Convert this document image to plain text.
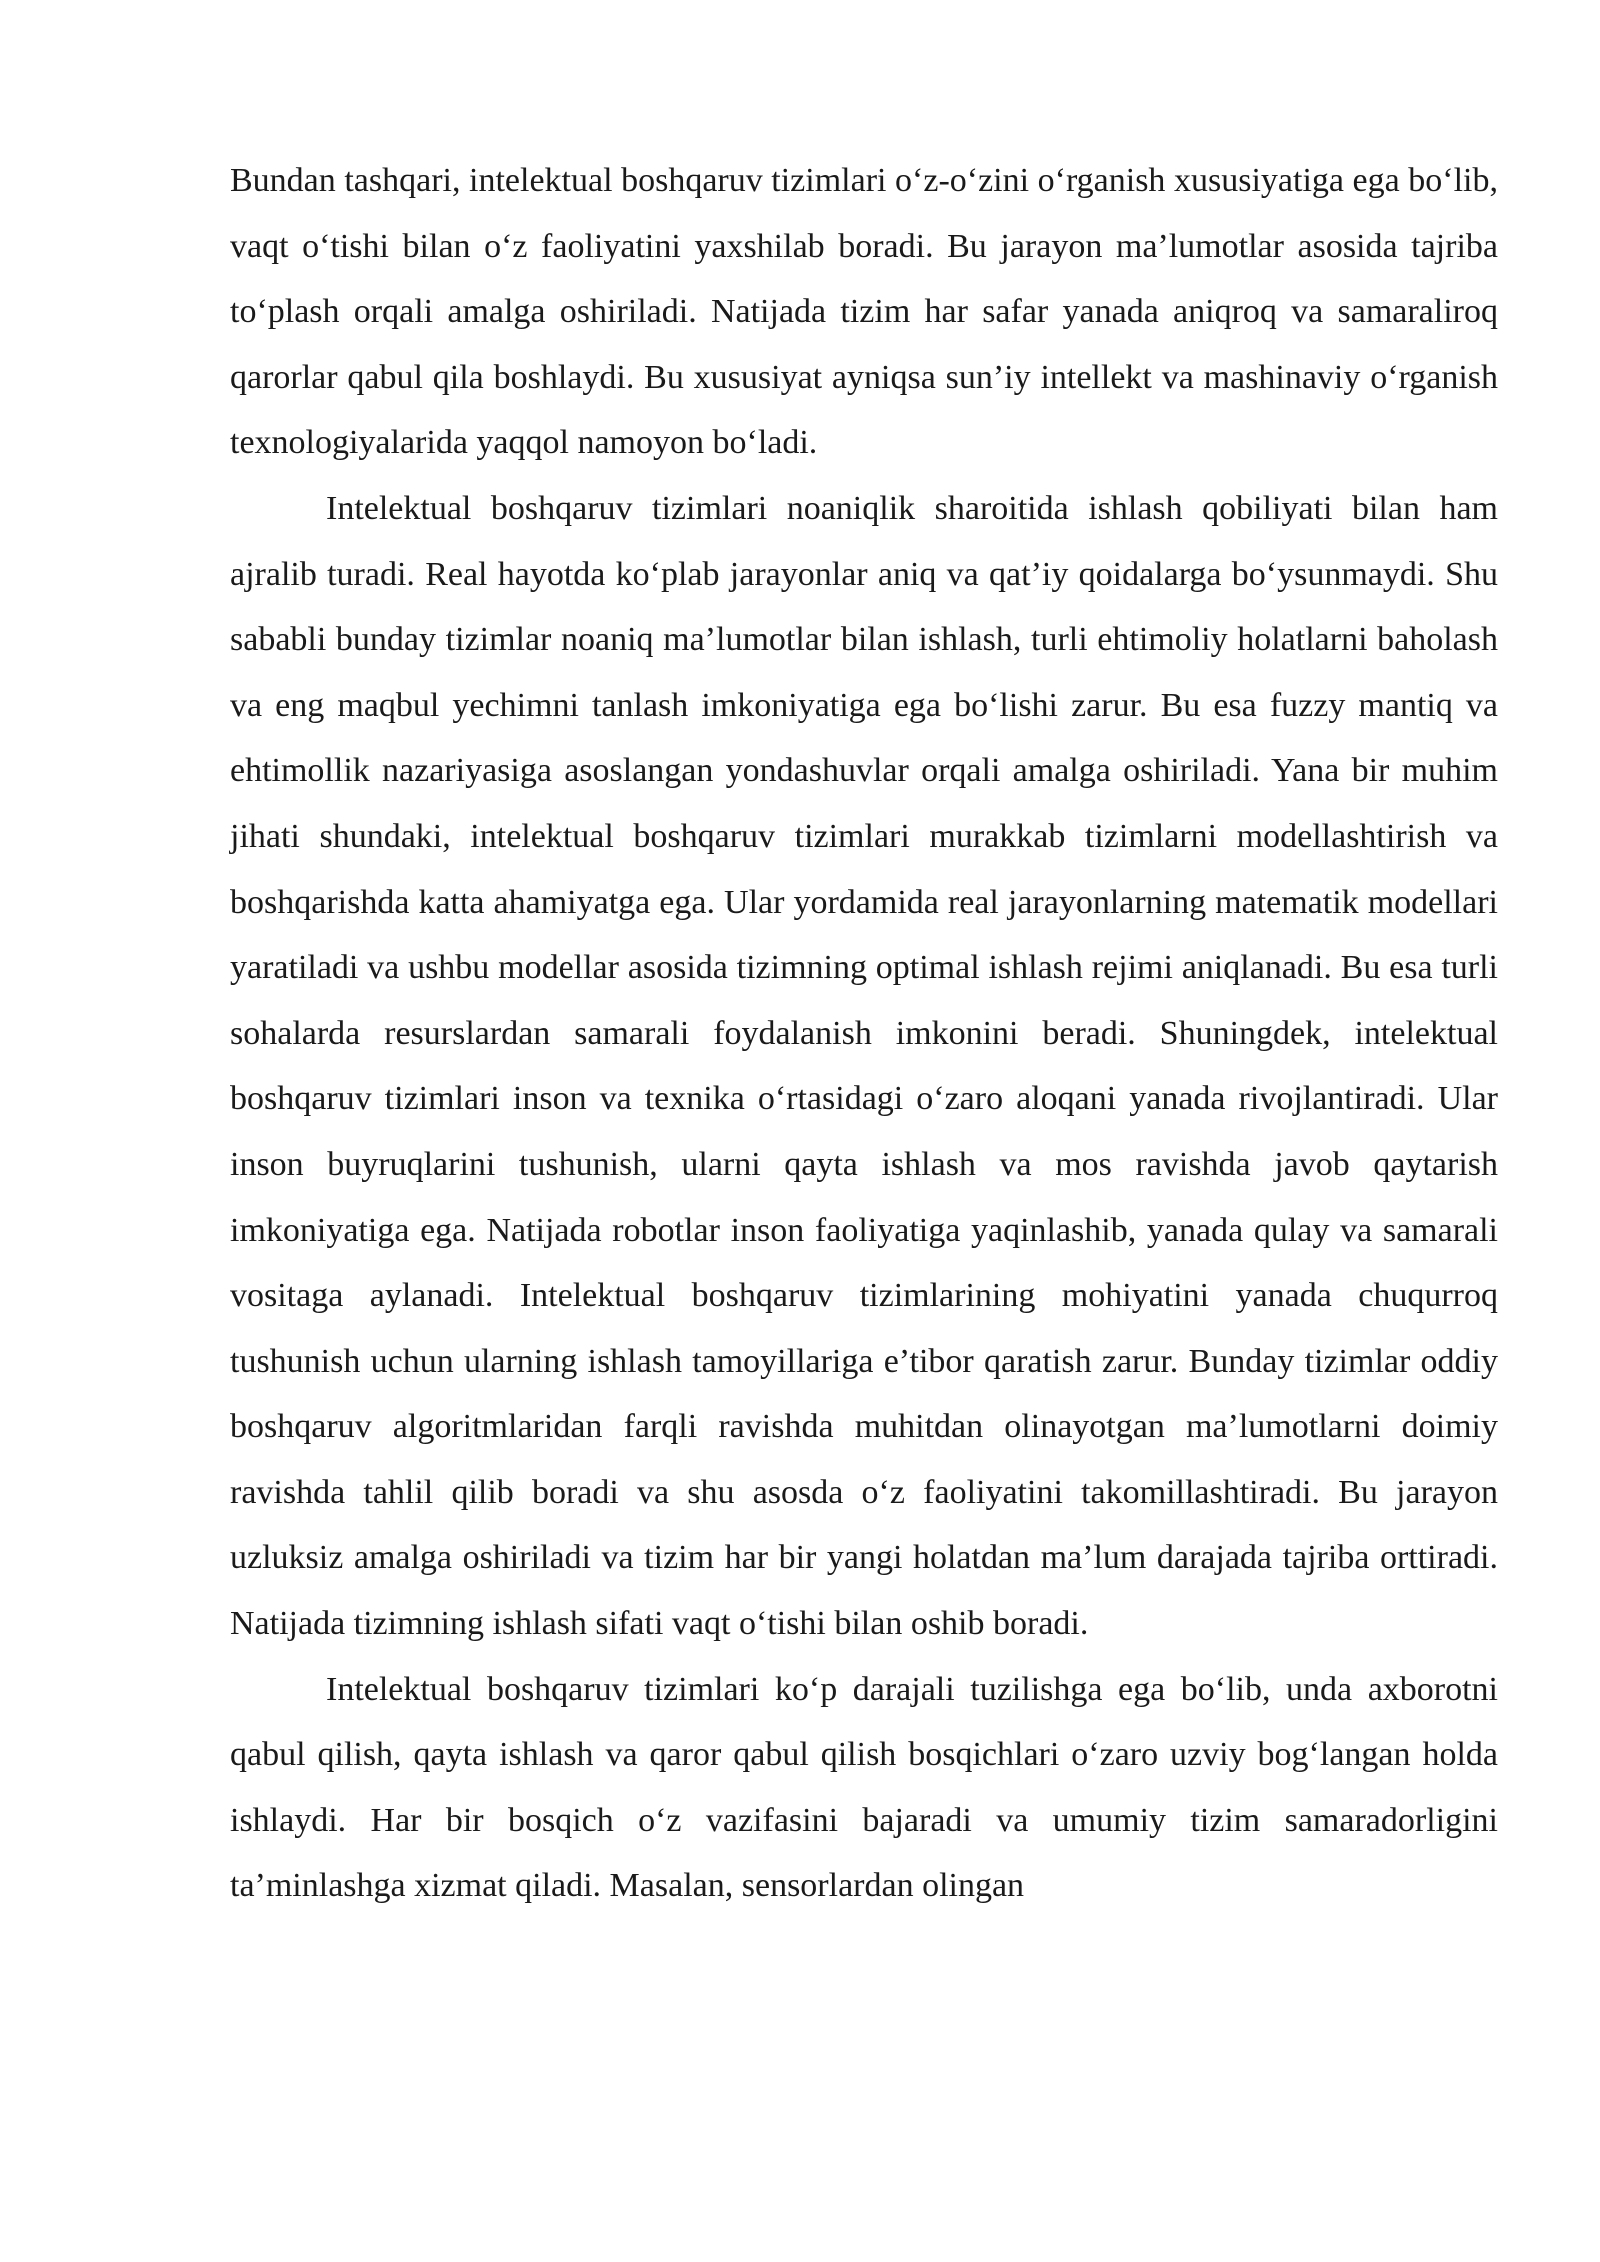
Bundan tashqari, intelektual boshqaruv tizimlari o‘z-o‘zini o‘rganish xususiyatiga ega bo‘lib, vaqt o‘tishi bilan o‘z faoliyatini yaxshilab boradi. Bu jarayon ma’lumotlar asosida tajriba to‘plash orqali amalga oshiriladi. Natijada tizim har safar yanada aniqroq va samaraliroq qarorlar qabul qila boshlaydi. Bu xususiyat ayniqsa sun’iy intellekt va mashinaviy o‘rganish texnologiyalarida yaqqol namoyon bo‘ladi.

Intelektual boshqaruv tizimlari noaniqlik sharoitida ishlash qobiliyati bilan ham ajralib turadi. Real hayotda ko‘plab jarayonlar aniq va qat’iy qoidalarga bo‘ysunmaydi. Shu sababli bunday tizimlar noaniq ma’lumotlar bilan ishlash, turli ehtimoliy holatlarni baholash va eng maqbul yechimni tanlash imkoniyatiga ega bo‘lishi zarur. Bu esa fuzzy mantiq va ehtimollik nazariyasiga asoslangan yondashuvlar orqali amalga oshiriladi. Yana bir muhim jihati shundaki, intelektual boshqaruv tizimlari murakkab tizimlarni modellashtirish va boshqarishda katta ahamiyatga ega. Ular yordamida real jarayonlarning matematik modellari yaratiladi va ushbu modellar asosida tizimning optimal ishlash rejimi aniqlanadi. Bu esa turli sohalarda resurslardan samarali foydalanish imkonini beradi. Shuningdek, intelektual boshqaruv tizimlari inson va texnika o‘rtasidagi o‘zaro aloqani yanada rivojlantiradi. Ular inson buyruqlarini tushunish, ularni qayta ishlash va mos ravishda javob qaytarish imkoniyatiga ega. Natijada robotlar inson faoliyatiga yaqinlashib, yanada qulay va samarali vositaga aylanadi. Intelektual boshqaruv tizimlarining mohiyatini yanada chuqurroq tushunish uchun ularning ishlash tamoyillariga e’tibor qaratish zarur. Bunday tizimlar oddiy boshqaruv algoritmlaridan farqli ravishda muhitdan olinayotgan ma’lumotlarni doimiy ravishda tahlil qilib boradi va shu asosda o‘z faoliyatini takomillashtiradi. Bu jarayon uzluksiz amalga oshiriladi va tizim har bir yangi holatdan ma’lum darajada tajriba orttiradi. Natijada tizimning ishlash sifati vaqt o‘tishi bilan oshib boradi.

Intelektual boshqaruv tizimlari ko‘p darajali tuzilishga ega bo‘lib, unda axborotni qabul qilish, qayta ishlash va qaror qabul qilish bosqichlari o‘zaro uzviy bog‘langan holda ishlaydi. Har bir bosqich o‘z vazifasini bajaradi va umumiy tizim samaradorligini ta’minlashga xizmat qiladi. Masalan, sensorlardan olingan
